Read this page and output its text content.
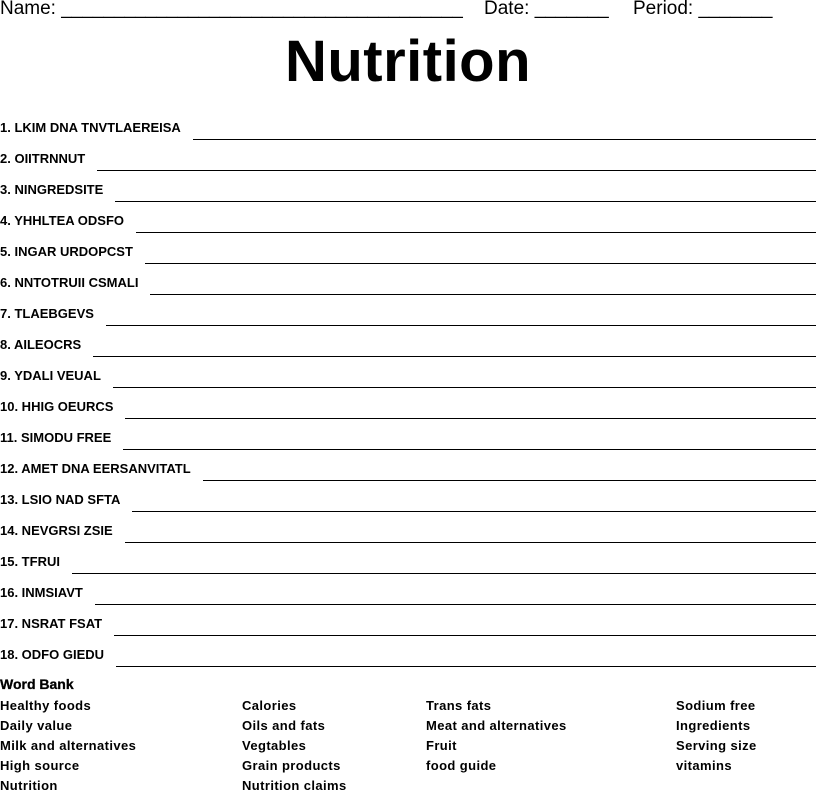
Name: ______________________________________ Date: _______ Period: _______
Nutrition
1. LKIM DNA TNVTLAEREISA
2. OIITRNNUT
3. NINGREDSITE
4. YHHLTEA ODSFO
5. INGAR URDOPCST
6. NNTOTRUII CSMALI
7. TLAEBGEVS
8. AILEOCRS
9. YDALI VEUAL
10. HHIG OEURCS
11. SIMODU FREE
12. AMET DNA EERSANVITATL
13. LSIO NAD SFTA
14. NEVGRSI ZSIE
15. TFRUI
16. INMSIAVT
17. NSRAT FSAT
18. ODFO GIEDU
Word Bank
Healthy foods
Daily value
Milk and alternatives
High source
Nutrition
Calories
Oils and fats
Vegtables
Grain products
Nutrition claims
Trans fats
Meat and alternatives
Fruit
food guide
Sodium free
Ingredients
Serving size
vitamins
